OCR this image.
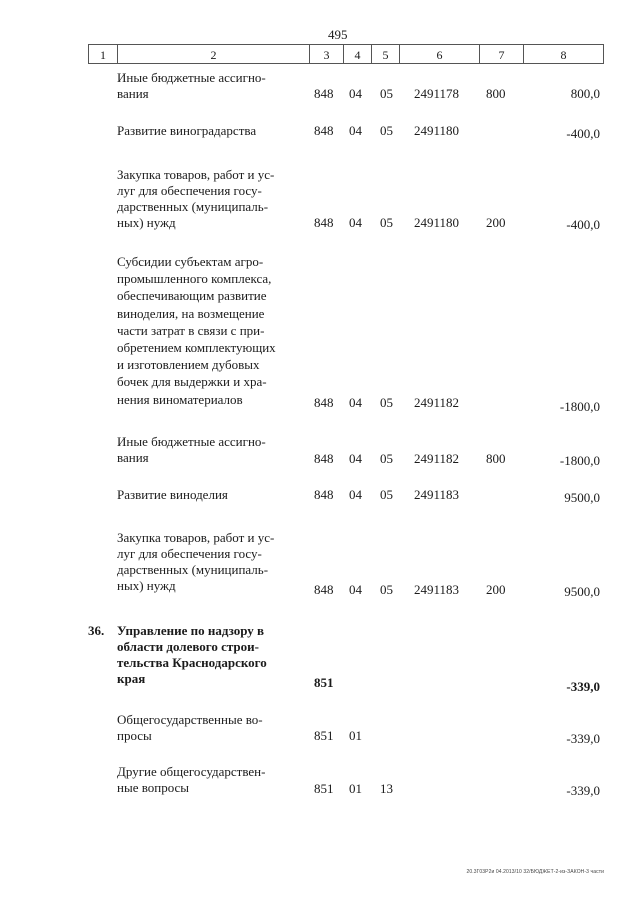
495
1	2	3	4	5	6	7	8
Иные бюджетные ассигно-
вания	848 04 05 2491178 800	800,0
Развитие виноградарства	848 04 05 2491180	-400,0
Закупка товаров, работ и ус-
луг для обеспечения госу-
дарственных (муниципаль-
ных) нужд	848 04 05 2491180 200	-400,0
Субсидии субъектам агро-
промышленного комплекса,
обеспечивающим развитие
виноделия, на возмещение
части затрат в связи с при-
обретением комплектующих
и изготовлением дубовых
бочек для выдержки и хра-
нения виноматериалов	848 04 05 2491182	-1800,0
Иные бюджетные ассигно-
вания	848 04 05 2491182 800	-1800,0
Развитие виноделия	848 04 05 2491183	9500,0
Закупка товаров, работ и ус-
луг для обеспечения госу-
дарственных (муниципаль-
ных) нужд	848 04 05 2491183 200	9500,0
36. Управление по надзору в
области долевого строи-
тельства Краснодарского
края	851	-339,0
Общегосударственные во-
просы	851 01	-339,0
Другие общегосударствен-
ные вопросы	851 01 13	-339,0
20.3Г03Р2и 04.2013/10 32/БЮДЖЕТ-2-из-ЗАКОН-3 части
